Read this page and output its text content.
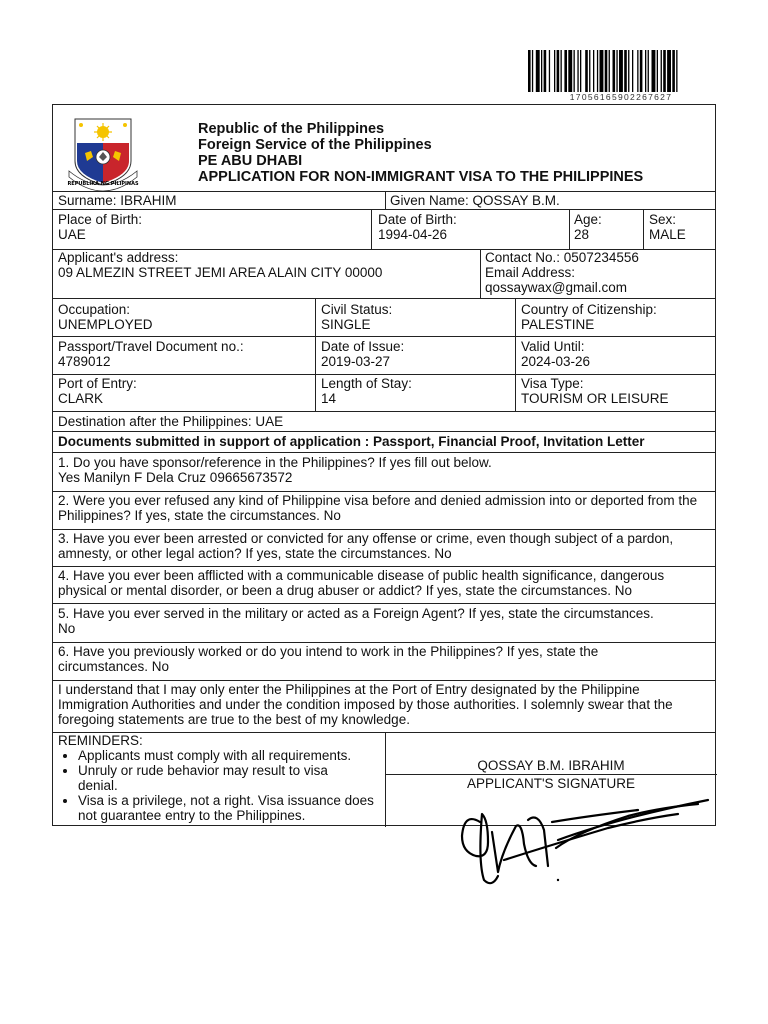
17056165902267627
REPUBLIKA NG PILIPINAS
Republic of the Philippines
Foreign Service of the Philippines
PE ABU DHABI
APPLICATION FOR NON-IMMIGRANT VISA TO THE PHILIPPINES
Surname: IBRAHIM	Given Name: QOSSAY B.M.
Place of Birth:
UAE
Date of Birth:
1994-04-26
Age:
28
Sex:
MALE
Applicant's address:
09 ALMEZIN STREET JEMI AREA ALAIN CITY 00000
Contact No.: 0507234556
Email Address:
qossaywax@gmail.com
Occupation:
UNEMPLOYED
Civil Status:
SINGLE
Country of Citizenship:
PALESTINE
Passport/Travel Document no.:
4789012
Date of Issue:
2019-03-27
Valid Until:
2024-03-26
Port of Entry:
CLARK
Length of Stay:
14
Visa Type:
TOURISM OR LEISURE
Destination after the Philippines: UAE
Documents submitted in support of application : Passport, Financial Proof, Invitation Letter
1. Do you have sponsor/reference in the Philippines? If yes fill out below.
Yes Manilyn F Dela Cruz 09665673572
2. Were you ever refused any kind of Philippine visa before and denied admission into or deported from the Philippines? If yes, state the circumstances. No
3. Have you ever been arrested or convicted for any offense or crime, even though subject of a pardon, amnesty, or other legal action? If yes, state the circumstances. No
4. Have you ever been afflicted with a communicable disease of public health significance, dangerous physical or mental disorder, or been a drug abuser or addict? If yes, state the circumstances. No
5. Have you ever served in the military or acted as a Foreign Agent? If yes, state the circumstances.
No
6. Have you previously worked or do you intend to work in the Philippines? If yes, state the circumstances. No
I understand that I may only enter the Philippines at the Port of Entry designated by the Philippine Immigration Authorities and under the condition imposed by those authorities. I solemnly swear that the foregoing statements are true to the best of my knowledge.
REMINDERS:
• Applicants must comply with all requirements.
• Unruly or rude behavior may result to visa denial.
• Visa is a privilege, not a right. Visa issuance does not guarantee entry to the Philippines.
QOSSAY B.M. IBRAHIM
APPLICANT'S SIGNATURE
